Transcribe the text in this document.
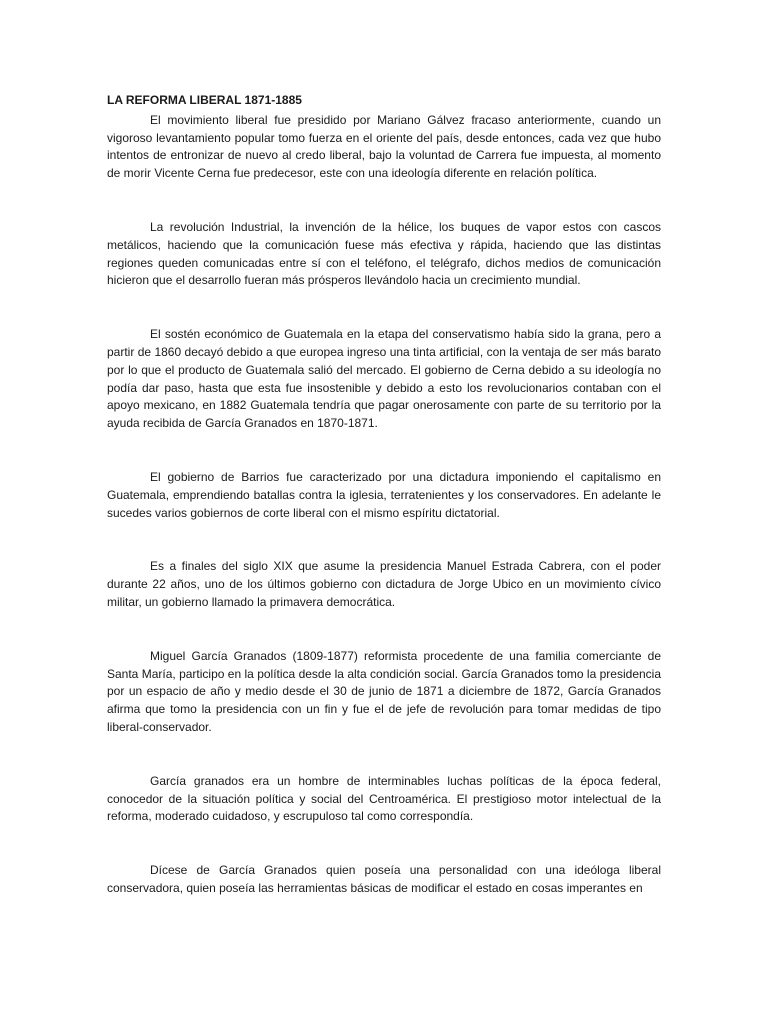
LA REFORMA LIBERAL 1871-1885

El movimiento liberal fue presidido por Mariano Gálvez fracaso anteriormente, cuando un vigoroso levantamiento popular tomo fuerza en el oriente del país, desde entonces, cada vez que hubo intentos de entronizar de nuevo al credo liberal, bajo la voluntad de Carrera fue impuesta, al momento de morir Vicente Cerna fue predecesor, este con una ideología diferente en relación política.

La revolución Industrial, la invención de la hélice, los buques de vapor estos con cascos metálicos, haciendo que la comunicación fuese más efectiva y rápida, haciendo que las distintas regiones queden comunicadas entre sí con el teléfono, el telégrafo, dichos medios de comunicación hicieron que el desarrollo fueran más prósperos llevándolo hacia un crecimiento mundial.

El sostén económico de Guatemala en la etapa del conservatismo había sido la grana, pero a partir de 1860 decayó debido a que europea ingreso una tinta artificial, con la ventaja de ser más barato por lo que el producto de Guatemala salió del mercado. El gobierno de Cerna debido a su ideología no podía dar paso, hasta que esta fue insostenible y debido a esto los revolucionarios contaban con el apoyo mexicano, en 1882 Guatemala tendría que pagar onerosamente con parte de su territorio por la ayuda recibida de García Granados en 1870-1871.

El gobierno de Barrios fue caracterizado por una dictadura imponiendo el capitalismo en Guatemala, emprendiendo batallas contra la iglesia, terratenientes y los conservadores. En adelante le sucedes varios gobiernos de corte liberal con el mismo espíritu dictatorial.

Es a finales del siglo XIX que asume la presidencia Manuel Estrada Cabrera, con el poder durante 22 años, uno de los últimos gobierno con dictadura de Jorge Ubico en un movimiento cívico militar, un gobierno llamado la primavera democrática.

Miguel García Granados (1809-1877) reformista procedente de una familia comerciante de Santa María, participo en la política desde la alta condición social. García Granados tomo la presidencia por un espacio de año y medio desde el 30 de junio de 1871 a diciembre de 1872, García Granados afirma que tomo la presidencia con un fin y fue el de jefe de revolución para tomar medidas de tipo liberal-conservador.

García granados era un hombre de interminables luchas políticas de la época federal, conocedor de la situación política y social del Centroamérica. El prestigioso motor intelectual de la reforma, moderado cuidadoso, y escrupuloso tal como correspondía.

Dícese de García Granados quien poseía una personalidad con una ideóloga liberal conservadora, quien poseía las herramientas básicas de modificar el estado en cosas imperantes en
